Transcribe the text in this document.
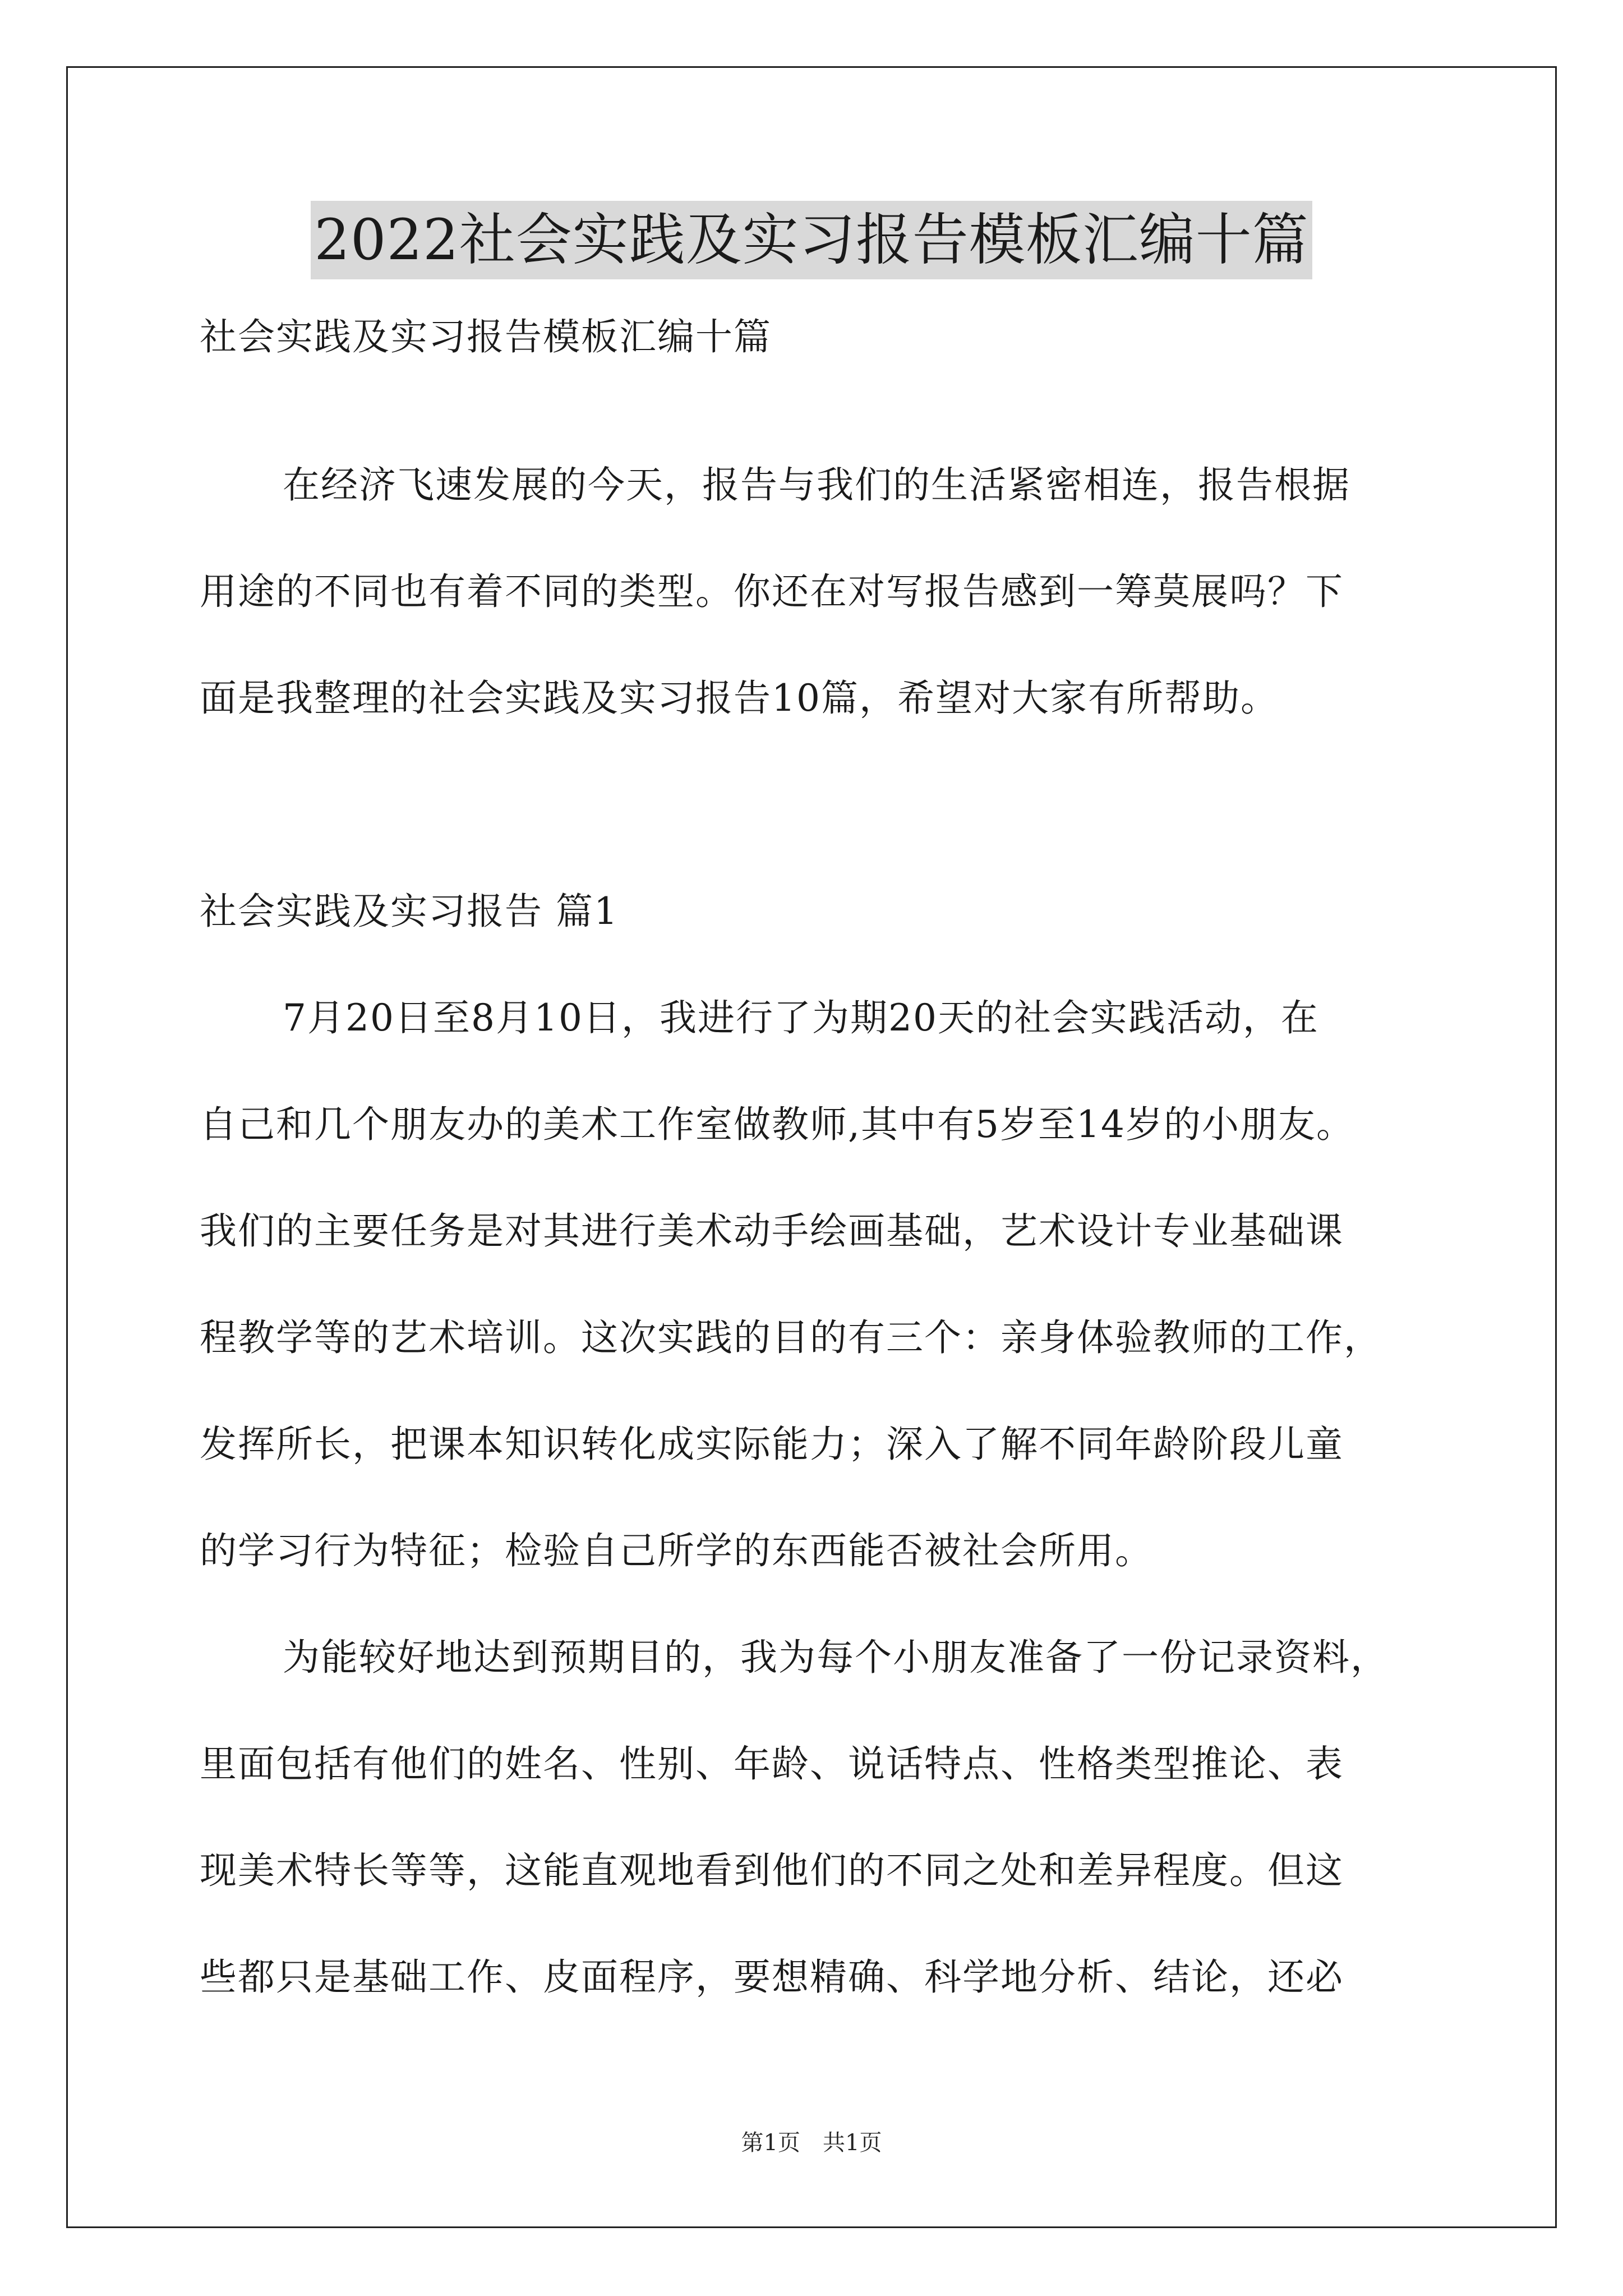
2022社会实践及实习报告模板汇编十篇
社会实践及实习报告模板汇编十篇
在经济飞速发展的今天，报告与我们的生活紧密相连，报告根据
用途的不同也有着不同的类型。你还在对写报告感到一筹莫展吗？下
面是我整理的社会实践及实习报告10篇，希望对大家有所帮助。
社会实践及实习报告 篇1
7月20日至8月10日，我进行了为期20天的社会实践活动，在
自己和几个朋友办的美术工作室做教师,其中有5岁至14岁的小朋友。
我们的主要任务是对其进行美术动手绘画基础，艺术设计专业基础课
程教学等的艺术培训。这次实践的目的有三个：亲身体验教师的工作，
发挥所长，把课本知识转化成实际能力；深入了解不同年龄阶段儿童
的学习行为特征；检验自己所学的东西能否被社会所用。
为能较好地达到预期目的，我为每个小朋友准备了一份记录资料，
里面包括有他们的姓名、性别、年龄、说话特点、性格类型推论、表
现美术特长等等，这能直观地看到他们的不同之处和差异程度。但这
些都只是基础工作、皮面程序，要想精确、科学地分析、结论，还必
第1页　共1页
